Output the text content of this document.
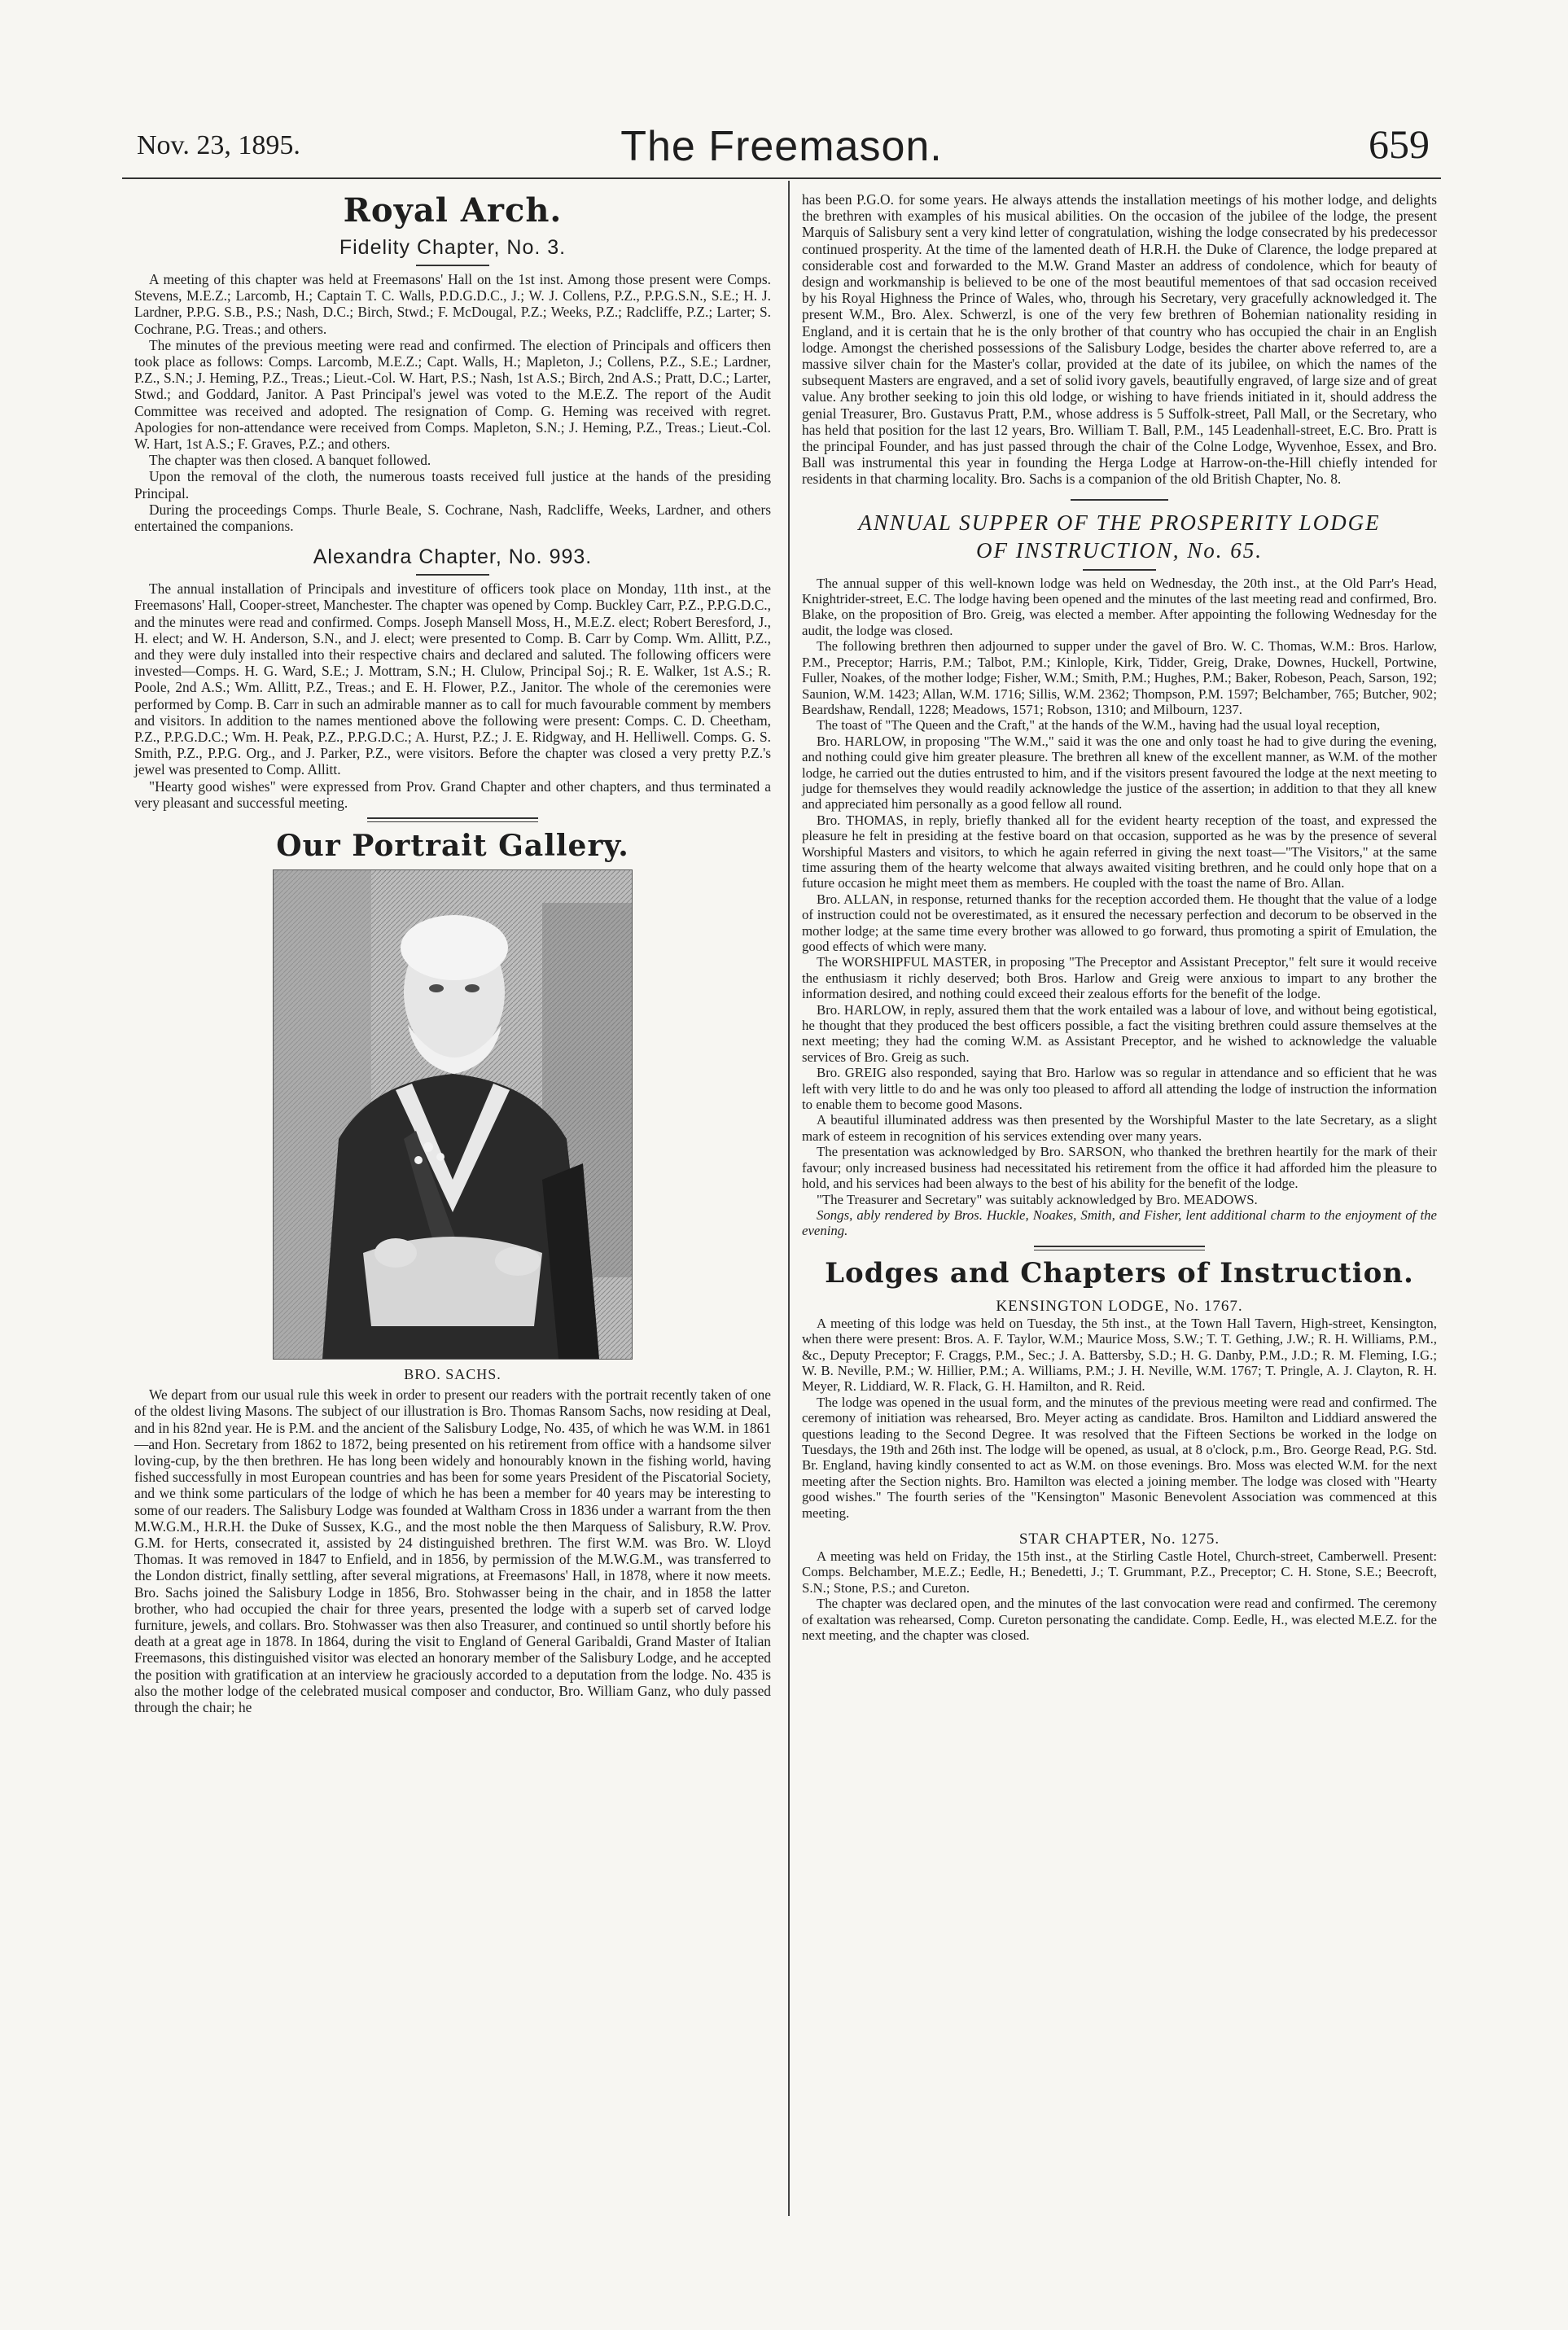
Nov. 23, 1895.	The Freemason.	659
Royal Arch.
Fidelity Chapter, No. 3.

A meeting of this chapter was held at Freemasons' Hall on the 1st inst. Among those present were Comps. Stevens, M.E.Z.; Larcomb, H.; Captain T. C. Walls, P.D.G.D.C., J.; W. J. Collens, P.Z., P.P.G.S.N., S.E.; H. J. Lardner, P.P.G. S.B., P.S.; Nash, D.C.; Birch, Stwd.; F. McDougal, P.Z.; Weeks, P.Z.; Radcliffe, P.Z.; Larter; S. Cochrane, P.G. Treas.; and others.

The minutes of the previous meeting were read and confirmed. The election of Principals and officers then took place as follows: Comps. Larcomb, M.E.Z.; Capt. Walls, H.; Mapleton, J.; Collens, P.Z., S.E.; Lardner, P.Z., S.N.; J. Heming, P.Z., Treas.; Lieut.-Col. W. Hart, P.S.; Nash, 1st A.S.; Birch, 2nd A.S.; Pratt, D.C.; Larter, Stwd.; and Goddard, Janitor. A Past Principal's jewel was voted to the M.E.Z. The report of the Audit Committee was received and adopted. The resignation of Comp. G. Heming was received with regret. Apologies for non-attendance were received from Comps. Mapleton, S.N.; J. Heming, P.Z., Treas.; Lieut.-Col. W. Hart, 1st A.S.; F. Graves, P.Z.; and others.

The chapter was then closed. A banquet followed.

Upon the removal of the cloth, the numerous toasts received full justice at the hands of the presiding Principal.

During the proceedings Comps. Thurle Beale, S. Cochrane, Nash, Radcliffe, Weeks, Lardner, and others entertained the companions.

Alexandra Chapter, No. 993.

The annual installation of Principals and investiture of officers took place on Monday, 11th inst., at the Freemasons' Hall, Cooper-street, Manchester. The chapter was opened by Comp. Buckley Carr, P.Z., P.P.G.D.C., and the minutes were read and confirmed. Comps. Joseph Mansell Moss, H., M.E.Z. elect; Robert Beresford, J., H. elect; and W. H. Anderson, S.N., and J. elect; were presented to Comp. B. Carr by Comp. Wm. Allitt, P.Z., and they were duly installed into their respective chairs and declared and saluted. The following officers were invested—Comps. H. G. Ward, S.E.; J. Mottram, S.N.; H. Clulow, Principal Soj.; R. E. Walker, 1st A.S.; R. Poole, 2nd A.S.; Wm. Allitt, P.Z., Treas.; and E. H. Flower, P.Z., Janitor. The whole of the ceremonies were performed by Comp. B. Carr in such an admirable manner as to call for much favourable comment by members and visitors. In addition to the names mentioned above the following were present: Comps. C. D. Cheetham, P.Z., P.P.G.D.C.; Wm. H. Peak, P.Z., P.P.G.D.C.; A. Hurst, P.Z.; J. E. Ridgway, and H. Helliwell. Comps. G. S. Smith, P.Z., P.P.G. Org., and J. Parker, P.Z., were visitors. Before the chapter was closed a very pretty P.Z.'s jewel was presented to Comp. Allitt.

"Hearty good wishes" were expressed from Prov. Grand Chapter and other chapters, and thus terminated a very pleasant and successful meeting.

Our Portrait Gallery.
BRO. SACHS.

We depart from our usual rule this week in order to present our readers with the portrait recently taken of one of the oldest living Masons. The subject of our illustration is Bro. Thomas Ransom Sachs, now residing at Deal, and in his 82nd year. He is P.M. and the ancient of the Salisbury Lodge, No. 435, of which he was W.M. in 1861—and Hon. Secretary from 1862 to 1872, being presented on his retirement from office with a handsome silver loving-cup, by the then brethren. He has long been widely and honourably known in the fishing world, having fished successfully in most European countries and has been for some years President of the Piscatorial Society, and we think some particulars of the lodge of which he has been a member for 40 years may be interesting to some of our readers. The Salisbury Lodge was founded at Waltham Cross in 1836 under a warrant from the then M.W.G.M., H.R.H. the Duke of Sussex, K.G., and the most noble the then Marquess of Salisbury, R.W. Prov. G.M. for Herts, consecrated it, assisted by 24 distinguished brethren. The first W.M. was Bro. W. Lloyd Thomas. It was removed in 1847 to Enfield, and in 1856, by permission of the M.W.G.M., was transferred to the London district, finally settling, after several migrations, at Freemasons' Hall, in 1878, where it now meets. Bro. Sachs joined the Salisbury Lodge in 1856, Bro. Stohwasser being in the chair, and in 1858 the latter brother, who had occupied the chair for three years, presented the lodge with a superb set of carved lodge furniture, jewels, and collars. Bro. Stohwasser was then also Treasurer, and continued so until shortly before his death at a great age in 1878. In 1864, during the visit to England of General Garibaldi, Grand Master of Italian Freemasons, this distinguished visitor was elected an honorary member of the Salisbury Lodge, and he accepted the position with gratification at an interview he graciously accorded to a deputation from the lodge. No. 435 is also the mother lodge of the celebrated musical composer and conductor, Bro. William Ganz, who duly passed through the chair; he

has been P.G.O. for some years. He always attends the installation meetings of his mother lodge, and delights the brethren with examples of his musical abilities. On the occasion of the jubilee of the lodge, the present Marquis of Salisbury sent a very kind letter of congratulation, wishing the lodge consecrated by his predecessor continued prosperity. At the time of the lamented death of H.R.H. the Duke of Clarence, the lodge prepared at considerable cost and forwarded to the M.W. Grand Master an address of condolence, which for beauty of design and workmanship is believed to be one of the most beautiful mementoes of that sad occasion received by his Royal Highness the Prince of Wales, who, through his Secretary, very gracefully acknowledged it. The present W.M., Bro. Alex. Schwerzl, is one of the very few brethren of Bohemian nationality residing in England, and it is certain that he is the only brother of that country who has occupied the chair in an English lodge. Amongst the cherished possessions of the Salisbury Lodge, besides the charter above referred to, are a massive silver chain for the Master's collar, provided at the date of its jubilee, on which the names of the subsequent Masters are engraved, and a set of solid ivory gavels, beautifully engraved, of large size and of great value. Any brother seeking to join this old lodge, or wishing to have friends initiated in it, should address the genial Treasurer, Bro. Gustavus Pratt, P.M., whose address is 5 Suffolk-street, Pall Mall, or the Secretary, who has held that position for the last 12 years, Bro. William T. Ball, P.M., 145 Leadenhall-street, E.C. Bro. Pratt is the principal Founder, and has just passed through the chair of the Colne Lodge, Wyvenhoe, Essex, and Bro. Ball was instrumental this year in founding the Herga Lodge at Harrow-on-the-Hill chiefly intended for residents in that charming locality. Bro. Sachs is a companion of the old British Chapter, No. 8.

ANNUAL SUPPER OF THE PROSPERITY LODGE
OF INSTRUCTION, No. 65.

The annual supper of this well-known lodge was held on Wednesday, the 20th inst., at the Old Parr's Head, Knightrider-street, E.C. The lodge having been opened and the minutes of the last meeting read and confirmed, Bro. Blake, on the proposition of Bro. Greig, was elected a member. After appointing the following Wednesday for the audit, the lodge was closed.

The following brethren then adjourned to supper under the gavel of Bro. W. C. Thomas, W.M.: Bros. Harlow, P.M., Preceptor; Harris, P.M.; Talbot, P.M.; Kinlople, Kirk, Tidder, Greig, Drake, Downes, Huckell, Portwine, Fuller, Noakes, of the mother lodge; Fisher, W.M.; Smith, P.M.; Hughes, P.M.; Baker, Robeson, Peach, Sarson, 192; Saunion, W.M. 1423; Allan, W.M. 1716; Sillis, W.M. 2362; Thompson, P.M. 1597; Belchamber, 765; Butcher, 902; Beardshaw, Rendall, 1228; Meadows, 1571; Robson, 1310; and Milbourn, 1237.

The toast of "The Queen and the Craft," at the hands of the W.M., having had the usual loyal reception,

Bro. HARLOW, in proposing "The W.M.," said it was the one and only toast he had to give during the evening, and nothing could give him greater pleasure. The brethren all knew of the excellent manner, as W.M. of the mother lodge, he carried out the duties entrusted to him, and if the visitors present favoured the lodge at the next meeting to judge for themselves they would readily acknowledge the justice of the assertion; in addition to that they all knew and appreciated him personally as a good fellow all round.

Bro. THOMAS, in reply, briefly thanked all for the evident hearty reception of the toast, and expressed the pleasure he felt in presiding at the festive board on that occasion, supported as he was by the presence of several Worshipful Masters and visitors, to which he again referred in giving the next toast—"The Visitors," at the same time assuring them of the hearty welcome that always awaited visiting brethren, and he could only hope that on a future occasion he might meet them as members. He coupled with the toast the name of Bro. Allan.

Bro. ALLAN, in response, returned thanks for the reception accorded them. He thought that the value of a lodge of instruction could not be overestimated, as it ensured the necessary perfection and decorum to be observed in the mother lodge; at the same time every brother was allowed to go forward, thus promoting a spirit of Emulation, the good effects of which were many.

The WORSHIPFUL MASTER, in proposing "The Preceptor and Assistant Preceptor," felt sure it would receive the enthusiasm it richly deserved; both Bros. Harlow and Greig were anxious to impart to any brother the information desired, and nothing could exceed their zealous efforts for the benefit of the lodge.

Bro. HARLOW, in reply, assured them that the work entailed was a labour of love, and without being egotistical, he thought that they produced the best officers possible, a fact the visiting brethren could assure themselves at the next meeting; they had the coming W.M. as Assistant Preceptor, and he wished to acknowledge the valuable services of Bro. Greig as such.

Bro. GREIG also responded, saying that Bro. Harlow was so regular in attendance and so efficient that he was left with very little to do and he was only too pleased to afford all attending the lodge of instruction the information to enable them to become good Masons.

A beautiful illuminated address was then presented by the Worshipful Master to the late Secretary, as a slight mark of esteem in recognition of his services extending over many years.

The presentation was acknowledged by Bro. SARSON, who thanked the brethren heartily for the mark of their favour; only increased business had necessitated his retirement from the office it had afforded him the pleasure to hold, and his services had been always to the best of his ability for the benefit of the lodge.

"The Treasurer and Secretary" was suitably acknowledged by Bro. MEADOWS.

Songs, ably rendered by Bros. Huckle, Noakes, Smith, and Fisher, lent additional charm to the enjoyment of the evening.

Lodges and Chapters of Instruction.
KENSINGTON LODGE, No. 1767.

A meeting of this lodge was held on Tuesday, the 5th inst., at the Town Hall Tavern, High-street, Kensington, when there were present: Bros. A. F. Taylor, W.M.; Maurice Moss, S.W.; T. T. Gething, J.W.; R. H. Williams, P.M., &c., Deputy Preceptor; F. Craggs, P.M., Sec.; J. A. Battersby, S.D.; H. G. Danby, P.M., J.D.; R. M. Fleming, I.G.; W. B. Neville, P.M.; W. Hillier, P.M.; A. Williams, P.M.; J. H. Neville, W.M. 1767; T. Pringle, A. J. Clayton, R. H. Meyer, R. Liddiard, W. R. Flack, G. H. Hamilton, and R. Reid.

The lodge was opened in the usual form, and the minutes of the previous meeting were read and confirmed. The ceremony of initiation was rehearsed, Bro. Meyer acting as candidate. Bros. Hamilton and Liddiard answered the questions leading to the Second Degree. It was resolved that the Fifteen Sections be worked in the lodge on Tuesdays, the 19th and 26th inst. The lodge will be opened, as usual, at 8 o'clock, p.m., Bro. George Read, P.G. Std. Br. England, having kindly consented to act as W.M. on those evenings. Bro. Moss was elected W.M. for the next meeting after the Section nights. Bro. Hamilton was elected a joining member. The lodge was closed with "Hearty good wishes." The fourth series of the "Kensington" Masonic Benevolent Association was commenced at this meeting.

STAR CHAPTER, No. 1275.

A meeting was held on Friday, the 15th inst., at the Stirling Castle Hotel, Church-street, Camberwell. Present: Comps. Belchamber, M.E.Z.; Eedle, H.; Benedetti, J.; T. Grummant, P.Z., Preceptor; C. H. Stone, S.E.; Beecroft, S.N.; Stone, P.S.; and Cureton.

The chapter was declared open, and the minutes of the last convocation were read and confirmed. The ceremony of exaltation was rehearsed, Comp. Cureton personating the candidate. Comp. Eedle, H., was elected M.E.Z. for the next meeting, and the chapter was closed.
